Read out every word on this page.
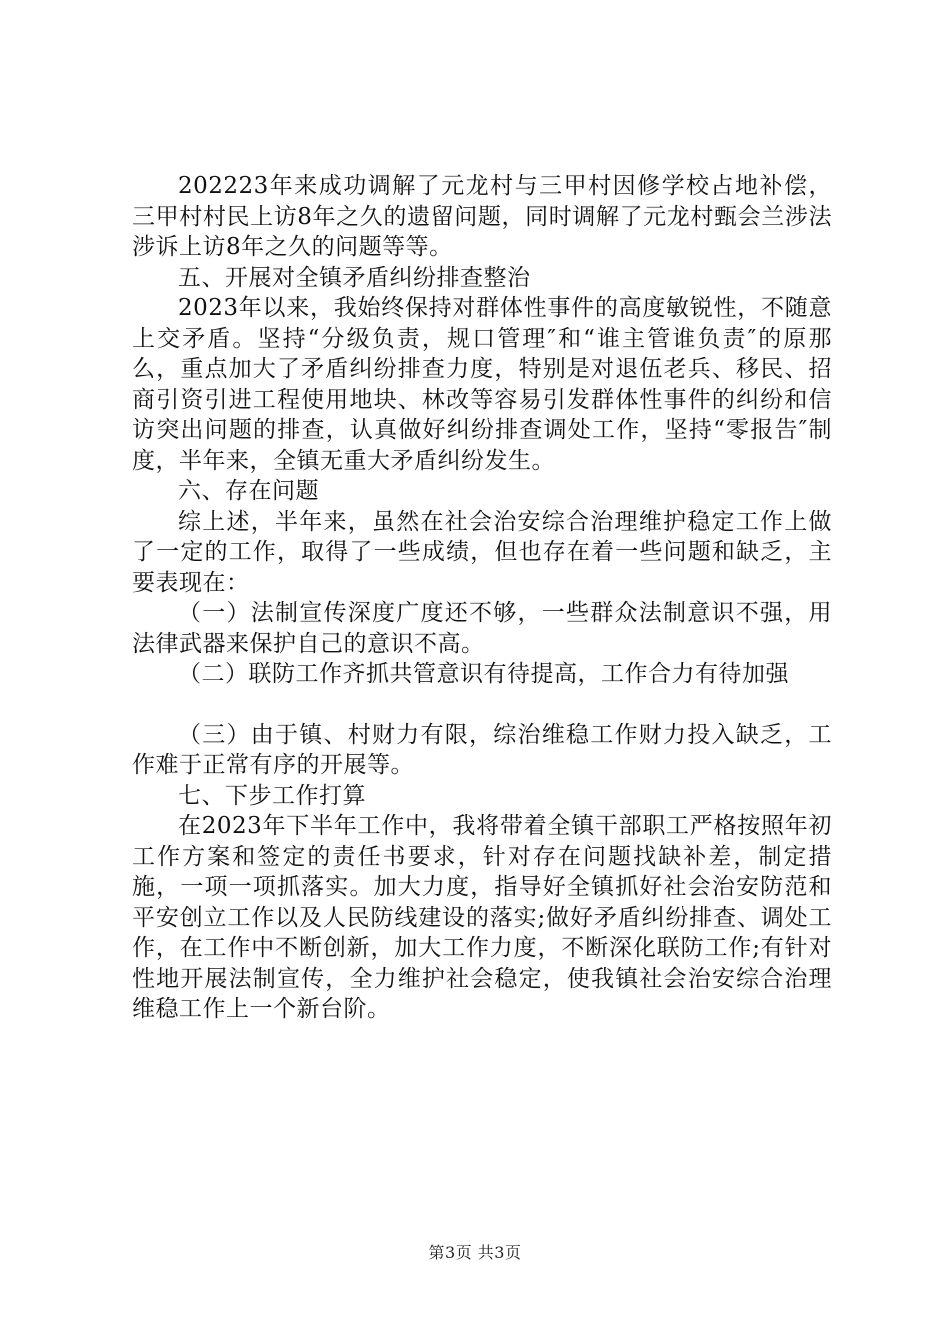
202223年来成功调解了元龙村与三甲村因修学校占地补偿，三甲村村民上访8年之久的遗留问题，同时调解了元龙村甄会兰涉法涉诉上访8年之久的问题等等。

五、开展对全镇矛盾纠纷排查整治

2023年以来，我始终保持对群体性事件的高度敏锐性，不随意上交矛盾。坚持“分级负责，规口管理″和“谁主管谁负责″的原那么，重点加大了矛盾纠纷排查力度，特别是对退伍老兵、移民、招商引资引进工程使用地块、林改等容易引发群体性事件的纠纷和信访突出问题的排查，认真做好纠纷排查调处工作，坚持“零报告″制度，半年来，全镇无重大矛盾纠纷发生。

六、存在问题

综上述，半年来，虽然在社会治安综合治理维护稳定工作上做了一定的工作，取得了一些成绩，但也存在着一些问题和缺乏，主要表现在：

（一）法制宣传深度广度还不够，一些群众法制意识不强，用法律武器来保护自己的意识不高。

（二）联防工作齐抓共管意识有待提高，工作合力有待加强

（三）由于镇、村财力有限，综治维稳工作财力投入缺乏，工作难于正常有序的开展等。

七、下步工作打算

在2023年下半年工作中，我将带着全镇干部职工严格按照年初工作方案和签定的责任书要求，针对存在问题找缺补差，制定措施，一项一项抓落实。加大力度，指导好全镇抓好社会治安防范和平安创立工作以及人民防线建设的落实;做好矛盾纠纷排查、调处工作，在工作中不断创新，加大工作力度，不断深化联防工作;有针对性地开展法制宣传，全力维护社会稳定，使我镇社会治安综合治理维稳工作上一个新台阶。

第3页 共3页
